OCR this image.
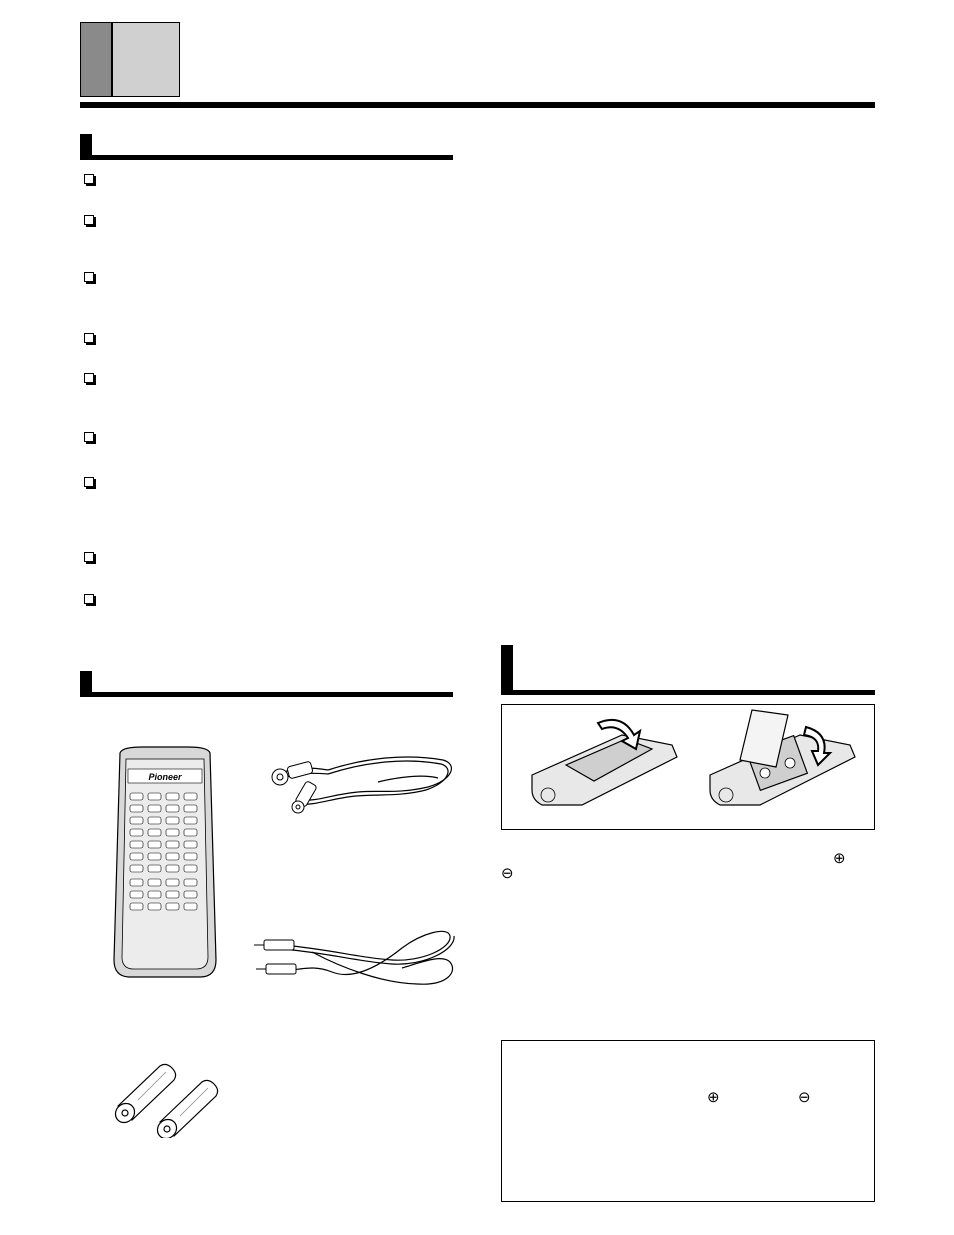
Pioneer
⊕
⊖
⊕	⊖
